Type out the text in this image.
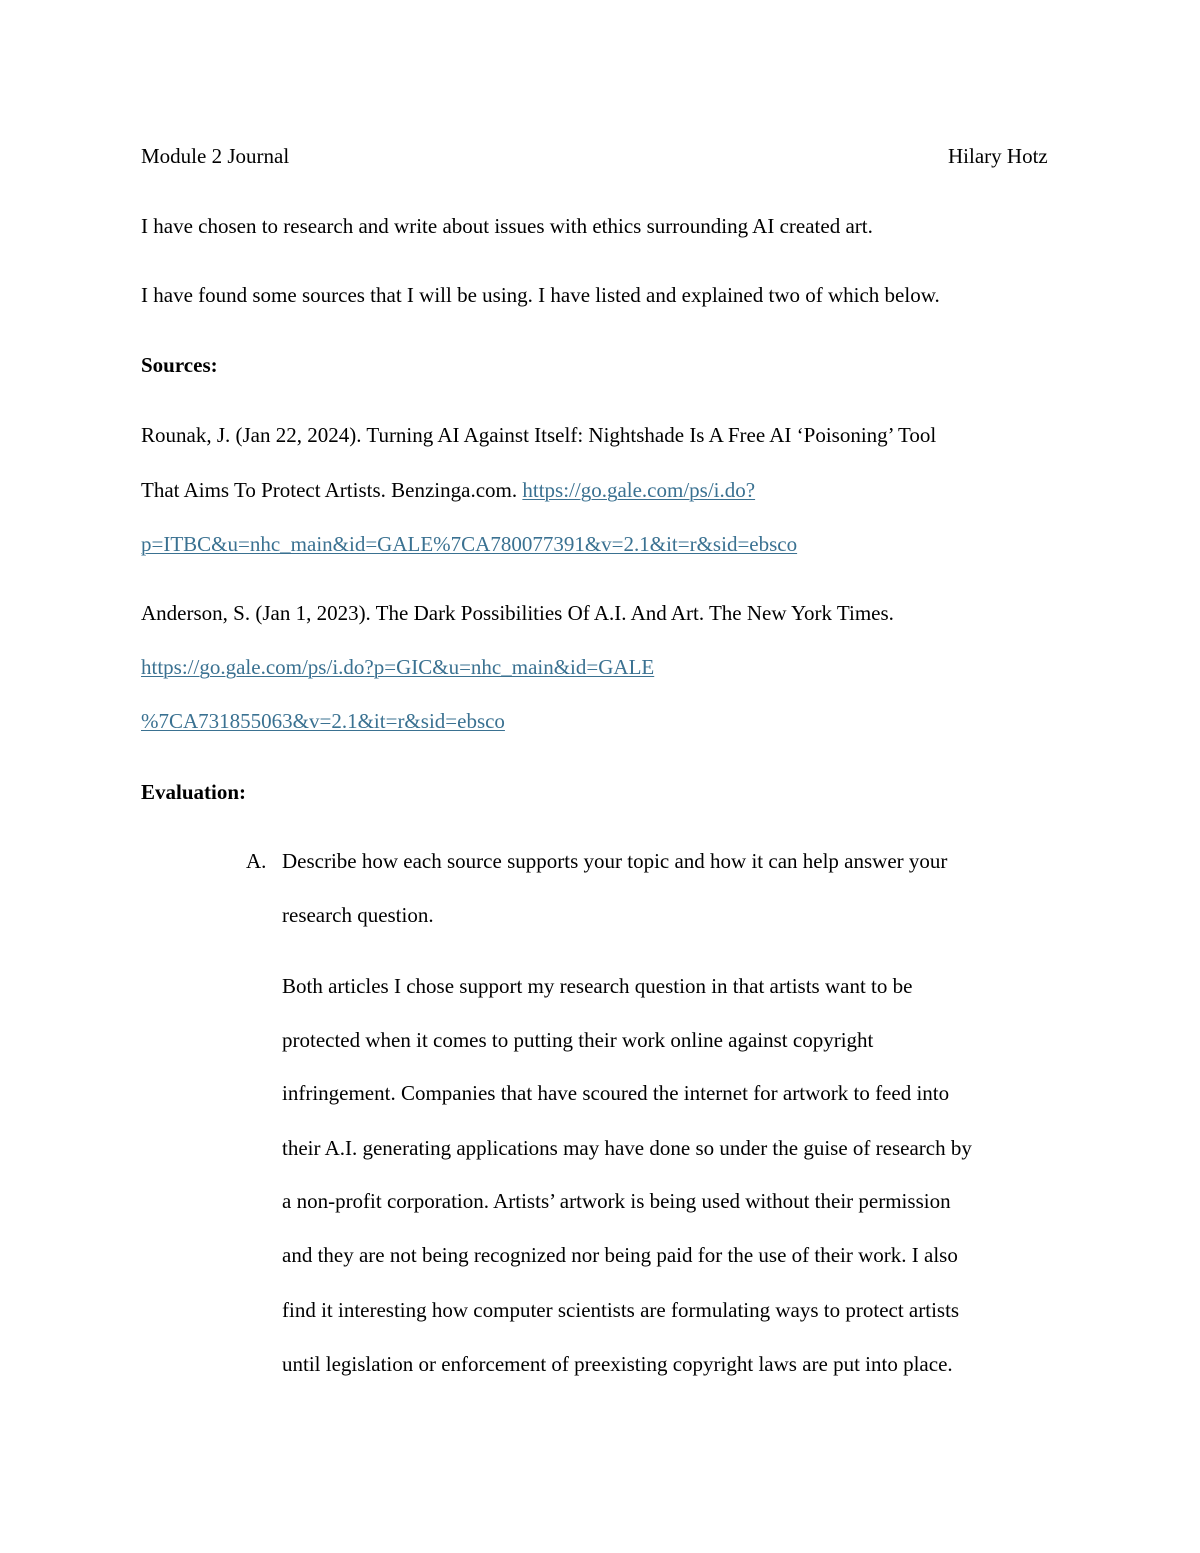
Module 2 Journal	Hilary Hotz
I have chosen to research and write about issues with ethics surrounding AI created art.
I have found some sources that I will be using. I have listed and explained two of which below.
Sources:
Rounak, J. (Jan 22, 2024). Turning AI Against Itself: Nightshade Is A Free AI ‘Poisoning’ Tool
That Aims To Protect Artists. Benzinga.com. https://go.gale.com/ps/i.do?
p=ITBC&u=nhc_main&id=GALE%7CA780077391&v=2.1&it=r&sid=ebsco
Anderson, S. (Jan 1, 2023). The Dark Possibilities Of A.I. And Art. The New York Times.
https://go.gale.com/ps/i.do?p=GIC&u=nhc_main&id=GALE
%7CA731855063&v=2.1&it=r&sid=ebsco
Evaluation:
A. Describe how each source supports your topic and how it can help answer your
research question.
Both articles I chose support my research question in that artists want to be
protected when it comes to putting their work online against copyright
infringement. Companies that have scoured the internet for artwork to feed into
their A.I. generating applications may have done so under the guise of research by
a non-profit corporation. Artists’ artwork is being used without their permission
and they are not being recognized nor being paid for the use of their work. I also
find it interesting how computer scientists are formulating ways to protect artists
until legislation or enforcement of preexisting copyright laws are put into place.
